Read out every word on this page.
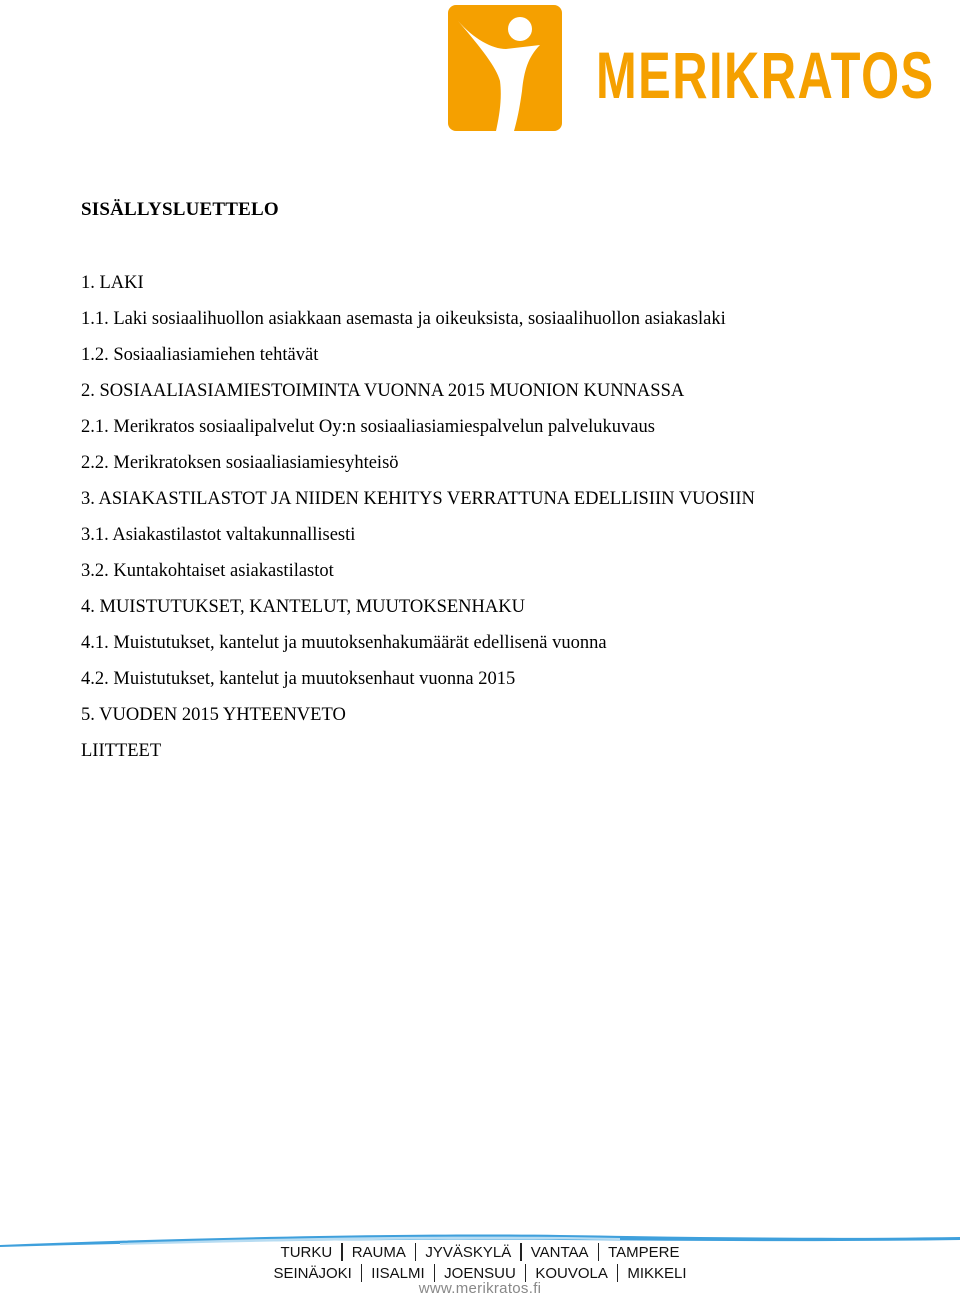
MERIKRATOS
SISÄLLYSLUETTELO
1. LAKI
1.1. Laki sosiaalihuollon asiakkaan asemasta ja oikeuksista, sosiaalihuollon asiakaslaki
1.2. Sosiaaliasiamiehen tehtävät
2. SOSIAALIASIAMIESTOIMINTA VUONNA 2015 MUONION KUNNASSA
2.1. Merikratos sosiaalipalvelut Oy:n sosiaaliasiamiespalvelun palvelukuvaus
2.2. Merikratoksen sosiaaliasiamiesyhteisö
3. ASIAKASTILASTOT JA NIIDEN KEHITYS VERRATTUNA EDELLISIIN VUOSIIN
3.1. Asiakastilastot valtakunnallisesti
3.2. Kuntakohtaiset asiakastilastot
4. MUISTUTUKSET, KANTELUT, MUUTOKSENHAKU
4.1. Muistutukset, kantelut ja muutoksenhakumäärät edellisenä vuonna
4.2. Muistutukset, kantelut ja muutoksenhaut vuonna 2015
5. VUODEN 2015 YHTEENVETO
LIITTEET
TURKU RAUMA JYVÄSKYLÄ VANTAA TAMPERE
SEINÄJOKI IISALMI JOENSUU KOUVOLA MIKKELI
www.merikratos.fi
